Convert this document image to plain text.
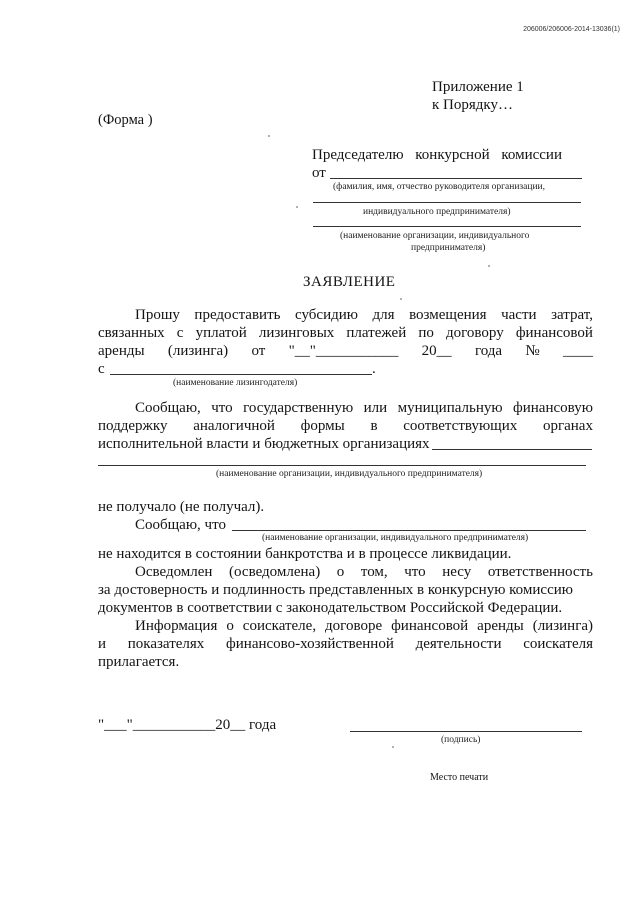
206006/206006-2014-13036(1)
Приложение 1
к Порядку…
(Форма )
Председателю конкурсной комиссии
от
(фамилия, имя, отчество руководителя организации,
индивидуального предпринимателя)
(наименование организации, индивидуального
предпринимателя)
ЗАЯВЛЕНИЕ
Прошу предоставить субсидию для возмещения части затрат,
связанных с уплатой лизинговых платежей по договору финансовой
аренды (лизинга) от "__"___________ 20__ года № ____
с	.
(наименование лизингодателя)
Сообщаю, что государственную или муниципальную финансовую
поддержку аналогичной формы в соответствующих органах
исполнительной власти и бюджетных организациях
(наименование организации, индивидуального предпринимателя)
не получало (не получал).
Сообщаю, что
(наименование организации, индивидуального предпринимателя)
не находится в состоянии банкротства и в процессе ликвидации.
Осведомлен (осведомлена) о том, что несу ответственность
за достоверность и подлинность представленных в конкурсную комиссию
документов в соответствии с законодательством Российской Федерации.
Информация о соискателе, договоре финансовой аренды (лизинга)
и показателях финансово-хозяйственной деятельности соискателя
прилагается.
"___"___________20__ года
(подпись)
Место печати
